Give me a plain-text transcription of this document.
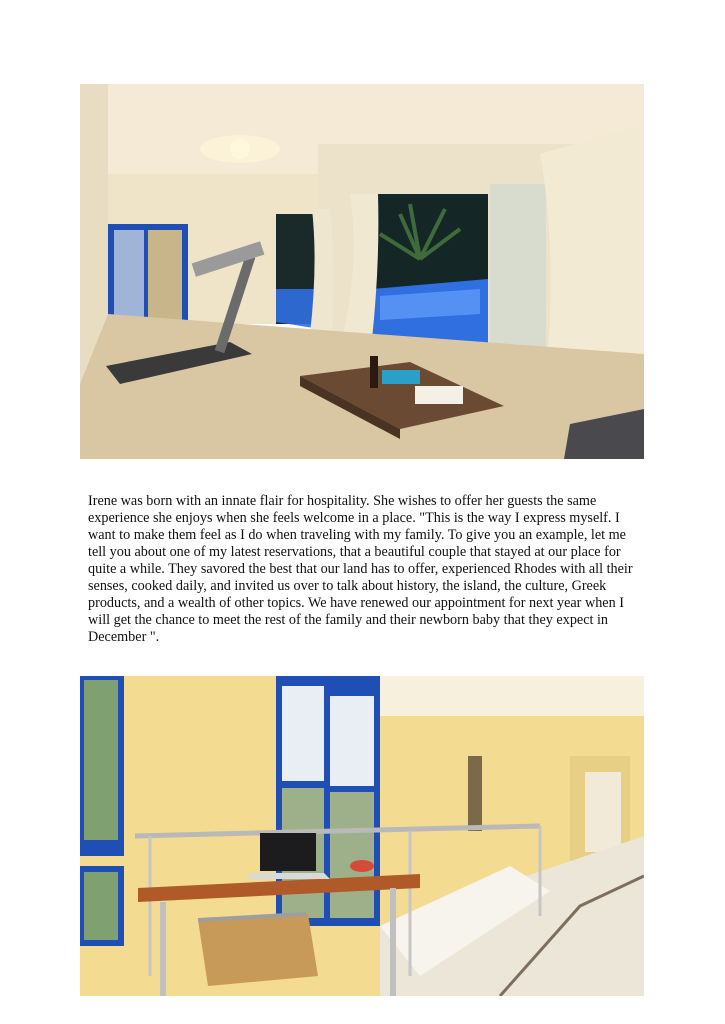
Irene was born with an innate flair for hospitality. She wishes to offer her guests the same experience she enjoys when she feels welcome in a place. "This is the way I express myself. I want to make them feel as I do when traveling with my family. To give you an example, let me tell you about one of my latest reservations, that a beautiful couple that stayed at our place for quite a while. They savored the best that our land has to offer, experienced Rhodes with all their senses, cooked daily, and invited us over to talk about history, the island, the culture, Greek products, and a wealth of other topics. We have renewed our appointment for next year when I will get the chance to meet the rest of the family and their newborn baby that they expect in December ".
